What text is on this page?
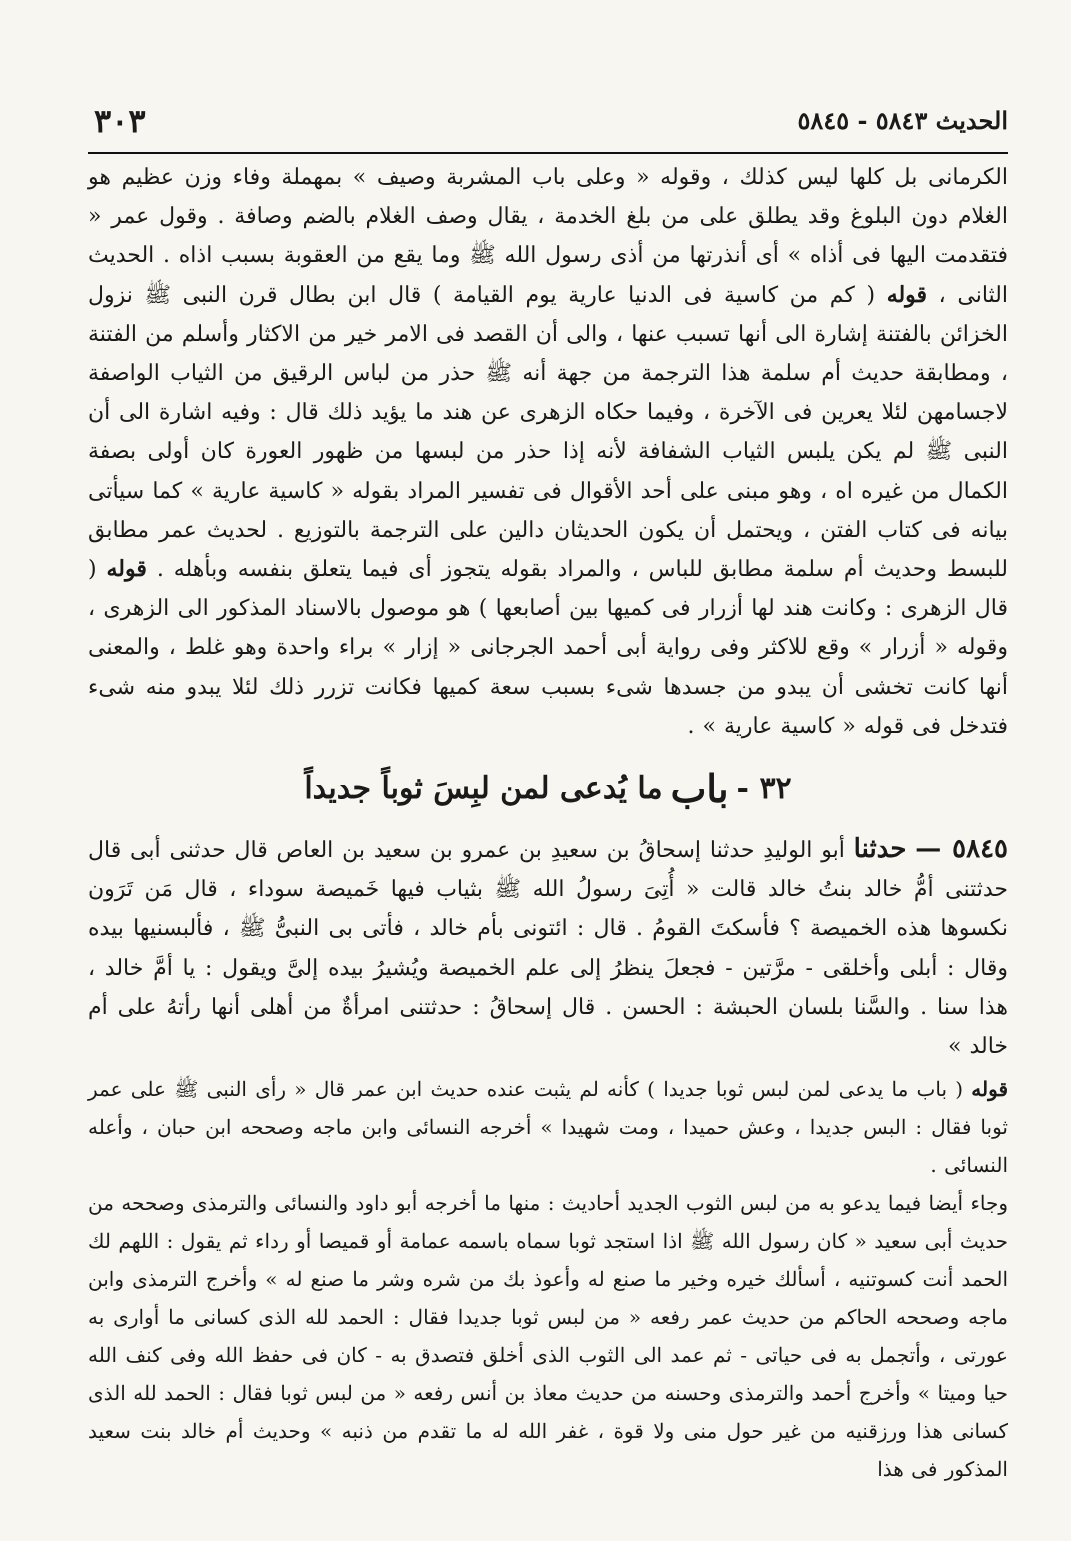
الحديث ٥٨٤٣ - ٥٨٤٥
٣٠٣

الكرمانى بل كلها ليس كذلك ، وقوله « وعلى باب المشربة وصيف » بمهملة وفاء وزن عظيم هو الغلام دون البلوغ وقد يطلق على من بلغ الخدمة ، يقال وصف الغلام بالضم وصافة . وقول عمر « فتقدمت اليها فى أذاه » أى أنذرتها من أذى رسول الله ﷺ وما يقع من العقوبة بسبب اذاه . الحديث الثانى ، قوله ( كم من كاسية فى الدنيا عارية يوم القيامة ) قال ابن بطال قرن النبى ﷺ نزول الخزائن بالفتنة إشارة الى أنها تسبب عنها ، والى أن القصد فى الامر خير من الاكثار وأسلم من الفتنة ، ومطابقة حديث أم سلمة هذا الترجمة من جهة أنه ﷺ حذر من لباس الرقيق من الثياب الواصفة لاجسامهن لئلا يعرين فى الآخرة ، وفيما حكاه الزهرى عن هند ما يؤيد ذلك قال : وفيه اشارة الى أن النبى ﷺ لم يكن يلبس الثياب الشفافة لأنه إذا حذر من لبسها من ظهور العورة كان أولى بصفة الكمال من غيره اه ، وهو مبنى على أحد الأقوال فى تفسير المراد بقوله « كاسية عارية » كما سيأتى بيانه فى كتاب الفتن ، ويحتمل أن يكون الحديثان دالين على الترجمة بالتوزيع . لحديث عمر مطابق للبسط وحديث أم سلمة مطابق للباس ، والمراد بقوله يتجوز أى فيما يتعلق بنفسه وبأهله . قوله ( قال الزهرى : وكانت هند لها أزرار فى كميها بين أصابعها ) هو موصول بالاسناد المذكور الى الزهرى ، وقوله « أزرار » وقع للاكثر وفى رواية أبى أحمد الجرجانى « إزار » براء واحدة وهو غلط ، والمعنى أنها كانت تخشى أن يبدو من جسدها شىء بسبب سعة كميها فكانت تزرر ذلك لئلا يبدو منه شىء فتدخل فى قوله « كاسية عارية » .

٣٢ -
باب
ما يُدعى لمن لبِسَ ثوباً جديداً

٥٨٤٥ — حدثنا أبو الوليدِ حدثنا إسحاقُ بن سعيدِ بن عمرو بن سعيد بن العاص قال حدثنى أبى قال حدثتنى أمُّ خالد بنتُ خالد قالت « أُتِىَ رسولُ الله ﷺ بثياب فيها خَميصة سوداء ، قال مَن تَرَون نكسوها هذه الخميصة ؟ فأسكتَ القومُ . قال : ائتونى بأم خالد ، فأتى بى النبىُّ ﷺ ، فألبسنيها بيده وقال : أبلى وأخلقى - مرَّتين - فجعلَ ينظرُ إلى علم الخميصة ويُشيرُ بيده إلىَّ ويقول : يا أمَّ خالد ، هذا سنا . والسَّنا بلسان الحبشة : الحسن . قال إسحاقُ : حدثتنى امرأةٌ من أهلى أنها رأتهُ على أم خالد »

قوله ( باب ما يدعى لمن لبس ثوبا جديدا ) كأنه لم يثبت عنده حديث ابن عمر قال « رأى النبى ﷺ على عمر ثوبا فقال : البس جديدا ، وعش حميدا ، ومت شهيدا » أخرجه النسائى وابن ماجه وصححه ابن حبان ، وأعله النسائى .

وجاء أيضا فيما يدعو به من لبس الثوب الجديد أحاديث : منها ما أخرجه أبو داود والنسائى والترمذى وصححه من حديث أبى سعيد « كان رسول الله ﷺ اذا استجد ثوبا سماه باسمه عمامة أو قميصا أو رداء ثم يقول : اللهم لك الحمد أنت كسوتنيه ، أسألك خيره وخير ما صنع له وأعوذ بك من شره وشر ما صنع له » وأخرج الترمذى وابن ماجه وصححه الحاكم من حديث عمر رفعه « من لبس ثوبا جديدا فقال : الحمد لله الذى كسانى ما أوارى به عورتى ، وأتجمل به فى حياتى - ثم عمد الى الثوب الذى أخلق فتصدق به - كان فى حفظ الله وفى كنف الله حيا وميتا » وأخرج أحمد والترمذى وحسنه من حديث معاذ بن أنس رفعه « من لبس ثوبا فقال : الحمد لله الذى كسانى هذا ورزقنيه من غير حول منى ولا قوة ، غفر الله له ما تقدم من ذنبه » وحديث أم خالد بنت سعيد المذكور فى هذا
